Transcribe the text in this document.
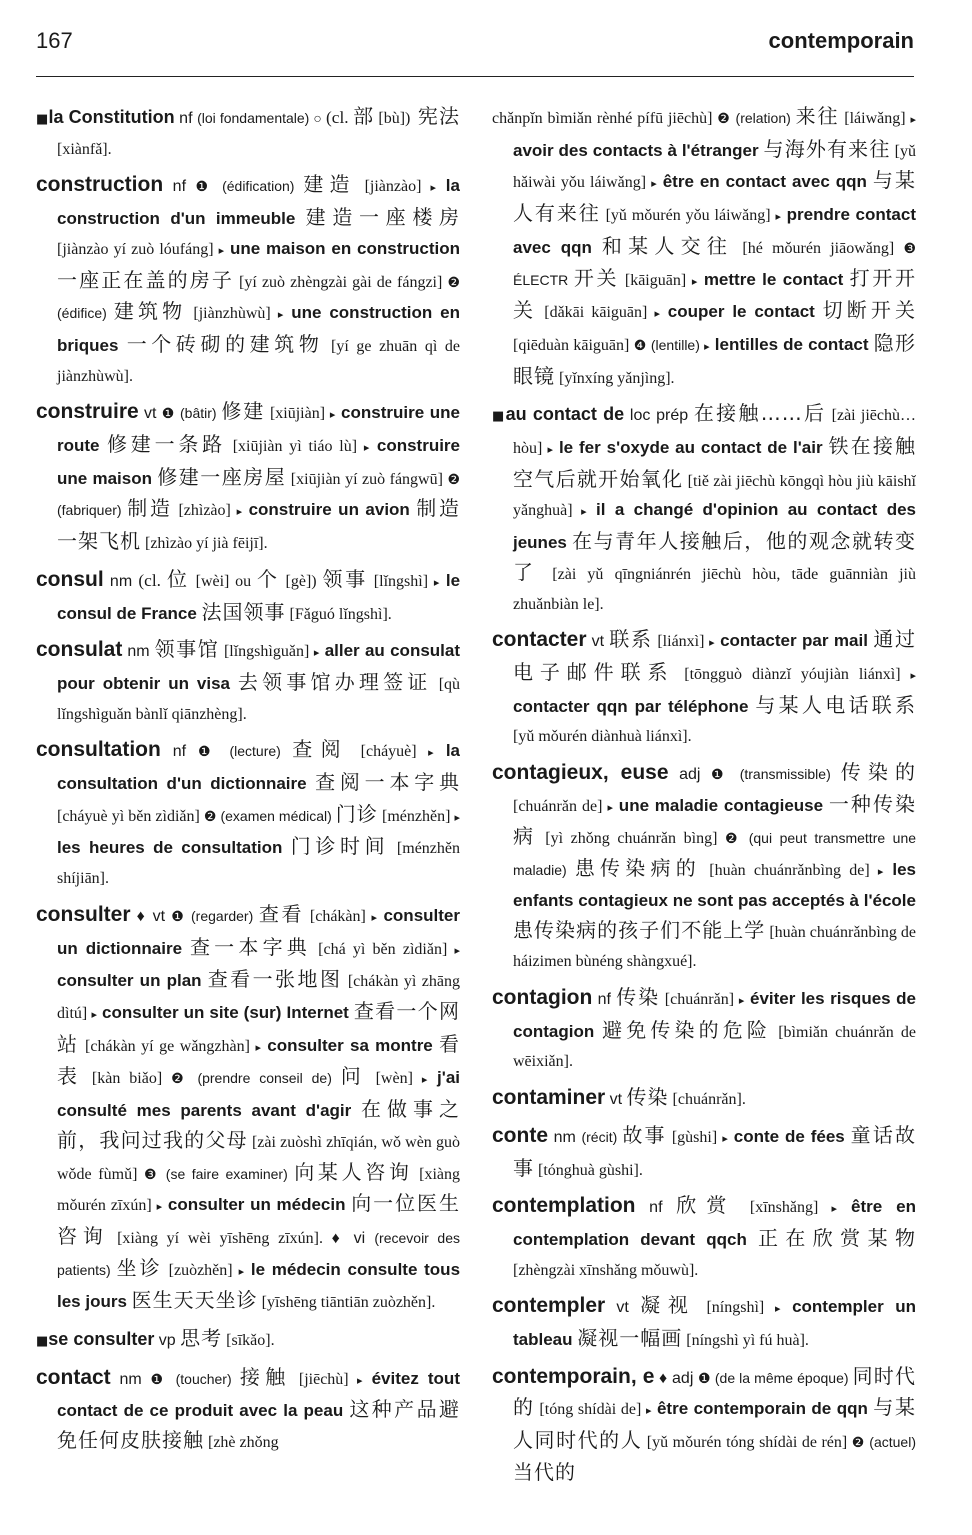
167	contemporain
■la Constitution nf (loi fondamentale) ○ (cl. 部 [bù]) 宪法 [xiànfǎ].
construction nf ❶ (édification) 建造 [jiànzào] ▸ la construction d'un immeuble 建造一座楼房 [jiànzào yí zuò lóufáng] ▸ une maison en construction 一座正在盖的房子 [yí zuò zhèngzài gài de fángzi] ❷ (édifice) 建筑物 [jiànzhùwù] ▸ une construction en briques 一个砖砌的建筑物 [yí ge zhuān qì de jiànzhùwù].
construire vt ❶ (bâtir) 修建 [xiūjiàn] ▸ construire une route 修建一条路 [xiūjiàn yì tiáo lù] ▸ construire une maison 修建一座房屋 [xiūjiàn yí zuò fángwū] ❷ (fabriquer) 制造 [zhìzào] ▸ construire un avion 制造一架飞机 [zhìzào yí jià fēijī].
consul nm (cl. 位 [wèi] ou 个 [gè]) 领事 [lǐngshì] ▸ le consul de France 法国领事 [Fǎguó lǐngshì].
consulat nm 领事馆 [lǐngshìguǎn] ▸ aller au consulat pour obtenir un visa 去领事馆办理签证 [qù lǐngshìguǎn bànlǐ qiānzhèng].
consultation nf ❶ (lecture) 查阅 [cháyuè] ▸ la consultation d'un dictionnaire 查阅一本字典 [cháyuè yì běn zìdiǎn] ❷ (examen médical) 门诊 [ménzhěn] ▸ les heures de consultation 门诊时间 [ménzhěn shíjiān].
consulter ♦ vt ❶ (regarder) 查看 [chákàn] ▸ consulter un dictionnaire 查一本字典 [chá yì běn zìdiǎn] ▸ consulter un plan 查看一张地图 [chákàn yì zhāng dìtú] ▸ consulter un site (sur) Internet 查看一个网站 [chákàn yí ge wǎngzhàn] ▸ consulter sa montre 看表 [kàn biǎo] ❷ (prendre conseil de) 问 [wèn] ▸ j'ai consulté mes parents avant d'agir 在做事之前，我问过我的父母 [zài zuòshì zhīqián, wǒ wèn guò wǒde fùmǔ] ❸ (se faire examiner) 向某人咨询 [xiàng mǒurén zīxún] ▸ consulter un médecin 向一位医生咨询 [xiàng yí wèi yīshēng zīxún]. ♦ vi (recevoir des patients) 坐诊 [zuòzhěn] ▸ le médecin consulte tous les jours 医生天天坐诊 [yīshēng tiāntiān zuòzhěn].
■se consulter vp 思考 [sīkǎo].
contact nm ❶ (toucher) 接触 [jiēchù] ▸ évitez tout contact de ce produit avec la peau 这种产品避免任何皮肤接触 [zhè zhǒng
chǎnpǐn bìmiǎn rènhé pífū jiēchù] ❷ (relation) 来往 [láiwǎng] ▸ avoir des contacts à l'étranger 与海外有来往 [yǔ hǎiwài yǒu láiwǎng] ▸ être en contact avec qqn 与某人有来往 [yǔ mǒurén yǒu láiwǎng] ▸ prendre contact avec qqn 和某人交往 [hé mǒurén jiāowǎng] ❸ ÉLECTR 开关 [kāiguān] ▸ mettre le contact 打开开关 [dǎkāi kāiguān] ▸ couper le contact 切断开关 [qiēduàn kāiguān] ❹ (lentille) ▸ lentilles de contact 隐形眼镜 [yǐnxíng yǎnjìng].
■au contact de loc prép 在接触……后 [zài jiēchù… hòu] ▸ le fer s'oxyde au contact de l'air 铁在接触空气后就开始氧化 [tiě zài jiēchù kōngqì hòu jiù kāishǐ yǎnghuà] ▸ il a changé d'opinion au contact des jeunes 在与青年人接触后，他的观念就转变了 [zài yǔ qīngniánrén jiēchù hòu, tāde guānniàn jiù zhuǎnbiàn le].
contacter vt 联系 [liánxì] ▸ contacter par mail 通过电子邮件联系 [tōngguò diànzǐ yóujiàn liánxì] ▸ contacter qqn par téléphone 与某人电话联系 [yǔ mǒurén diànhuà liánxì].
contagieux, euse adj ❶ (transmissible) 传染的 [chuánrǎn de] ▸ une maladie contagieuse 一种传染病 [yì zhǒng chuánrǎn bìng] ❷ (qui peut transmettre une maladie) 患传染病的 [huàn chuánrǎnbìng de] ▸ les enfants contagieux ne sont pas acceptés à l'école 患传染病的孩子们不能上学 [huàn chuánrǎnbìng de háizimen bùnéng shàngxué].
contagion nf 传染 [chuánrǎn] ▸ éviter les risques de contagion 避免传染的危险 [bìmiǎn chuánrǎn de wēixiǎn].
contaminer vt 传染 [chuánrǎn].
conte nm (récit) 故事 [gùshi] ▸ conte de fées 童话故事 [tónghuà gùshi].
contemplation nf 欣赏 [xīnshǎng] ▸ être en contemplation devant qqch 正在欣赏某物 [zhèngzài xīnshǎng mǒuwù].
contempler vt 凝视 [níngshì] ▸ contempler un tableau 凝视一幅画 [níngshì yì fú huà].
contemporain, e ♦ adj ❶ (de la même époque) 同时代的 [tóng shídài de] ▸ être contemporain de qqn 与某人同时代的人 [yǔ mǒurén tóng shídài de rén] ❷ (actuel) 当代的
